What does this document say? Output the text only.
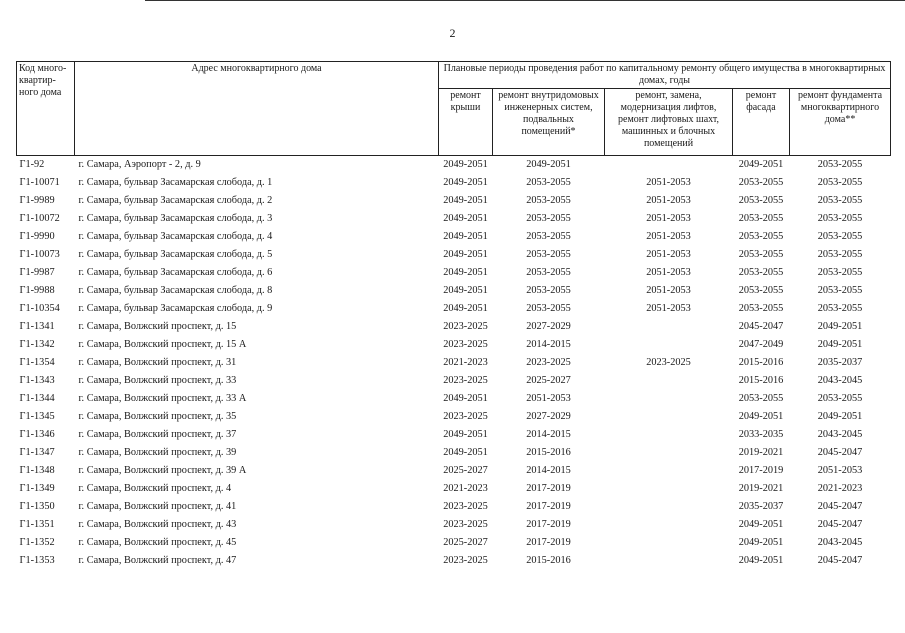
2
Код много-квартир-ного дома	Адрес многоквартирного дома	Плановые периоды проведения работ по капитальному ремонту общего имущества в многоквартирных домах, годы				
		ремонт крыши	ремонт внутридомовых инженерных систем, подвальных помещений*	ремонт, замена, модернизация лифтов, ремонт лифтовых шахт, машинных и блочных помещений	ремонт фасада	ремонт фундамента многоквартирного дома**
Г1-92	г. Самара, Аэропорт - 2, д. 9	2049-2051	2049-2051		2049-2051	2053-2055
Г1-10071	г. Самара, бульвар Засамарская слобода, д. 1	2049-2051	2053-2055	2051-2053	2053-2055	2053-2055
Г1-9989	г. Самара, бульвар Засамарская слобода, д. 2	2049-2051	2053-2055	2051-2053	2053-2055	2053-2055
Г1-10072	г. Самара, бульвар Засамарская слобода, д. 3	2049-2051	2053-2055	2051-2053	2053-2055	2053-2055
Г1-9990	г. Самара, бульвар Засамарская слобода, д. 4	2049-2051	2053-2055	2051-2053	2053-2055	2053-2055
Г1-10073	г. Самара, бульвар Засамарская слобода, д. 5	2049-2051	2053-2055	2051-2053	2053-2055	2053-2055
Г1-9987	г. Самара, бульвар Засамарская слобода, д. 6	2049-2051	2053-2055	2051-2053	2053-2055	2053-2055
Г1-9988	г. Самара, бульвар Засамарская слобода, д. 8	2049-2051	2053-2055	2051-2053	2053-2055	2053-2055
Г1-10354	г. Самара, бульвар Засамарская слобода, д. 9	2049-2051	2053-2055	2051-2053	2053-2055	2053-2055
Г1-1341	г. Самара, Волжский проспект, д. 15	2023-2025	2027-2029		2045-2047	2049-2051
Г1-1342	г. Самара, Волжский проспект, д. 15 А	2023-2025	2014-2015		2047-2049	2049-2051
Г1-1354	г. Самара, Волжский проспект, д. 31	2021-2023	2023-2025	2023-2025	2015-2016	2035-2037
Г1-1343	г. Самара, Волжский проспект, д. 33	2023-2025	2025-2027		2015-2016	2043-2045
Г1-1344	г. Самара, Волжский проспект, д. 33 А	2049-2051	2051-2053		2053-2055	2053-2055
Г1-1345	г. Самара, Волжский проспект, д. 35	2023-2025	2027-2029		2049-2051	2049-2051
Г1-1346	г. Самара, Волжский проспект, д. 37	2049-2051	2014-2015		2033-2035	2043-2045
Г1-1347	г. Самара, Волжский проспект, д. 39	2049-2051	2015-2016		2019-2021	2045-2047
Г1-1348	г. Самара, Волжский проспект, д. 39 А	2025-2027	2014-2015		2017-2019	2051-2053
Г1-1349	г. Самара, Волжский проспект, д. 4	2021-2023	2017-2019		2019-2021	2021-2023
Г1-1350	г. Самара, Волжский проспект, д. 41	2023-2025	2017-2019		2035-2037	2045-2047
Г1-1351	г. Самара, Волжский проспект, д. 43	2023-2025	2017-2019		2049-2051	2045-2047
Г1-1352	г. Самара, Волжский проспект, д. 45	2025-2027	2017-2019		2049-2051	2043-2045
Г1-1353	г. Самара, Волжский проспект, д. 47	2023-2025	2015-2016		2049-2051	2045-2047
